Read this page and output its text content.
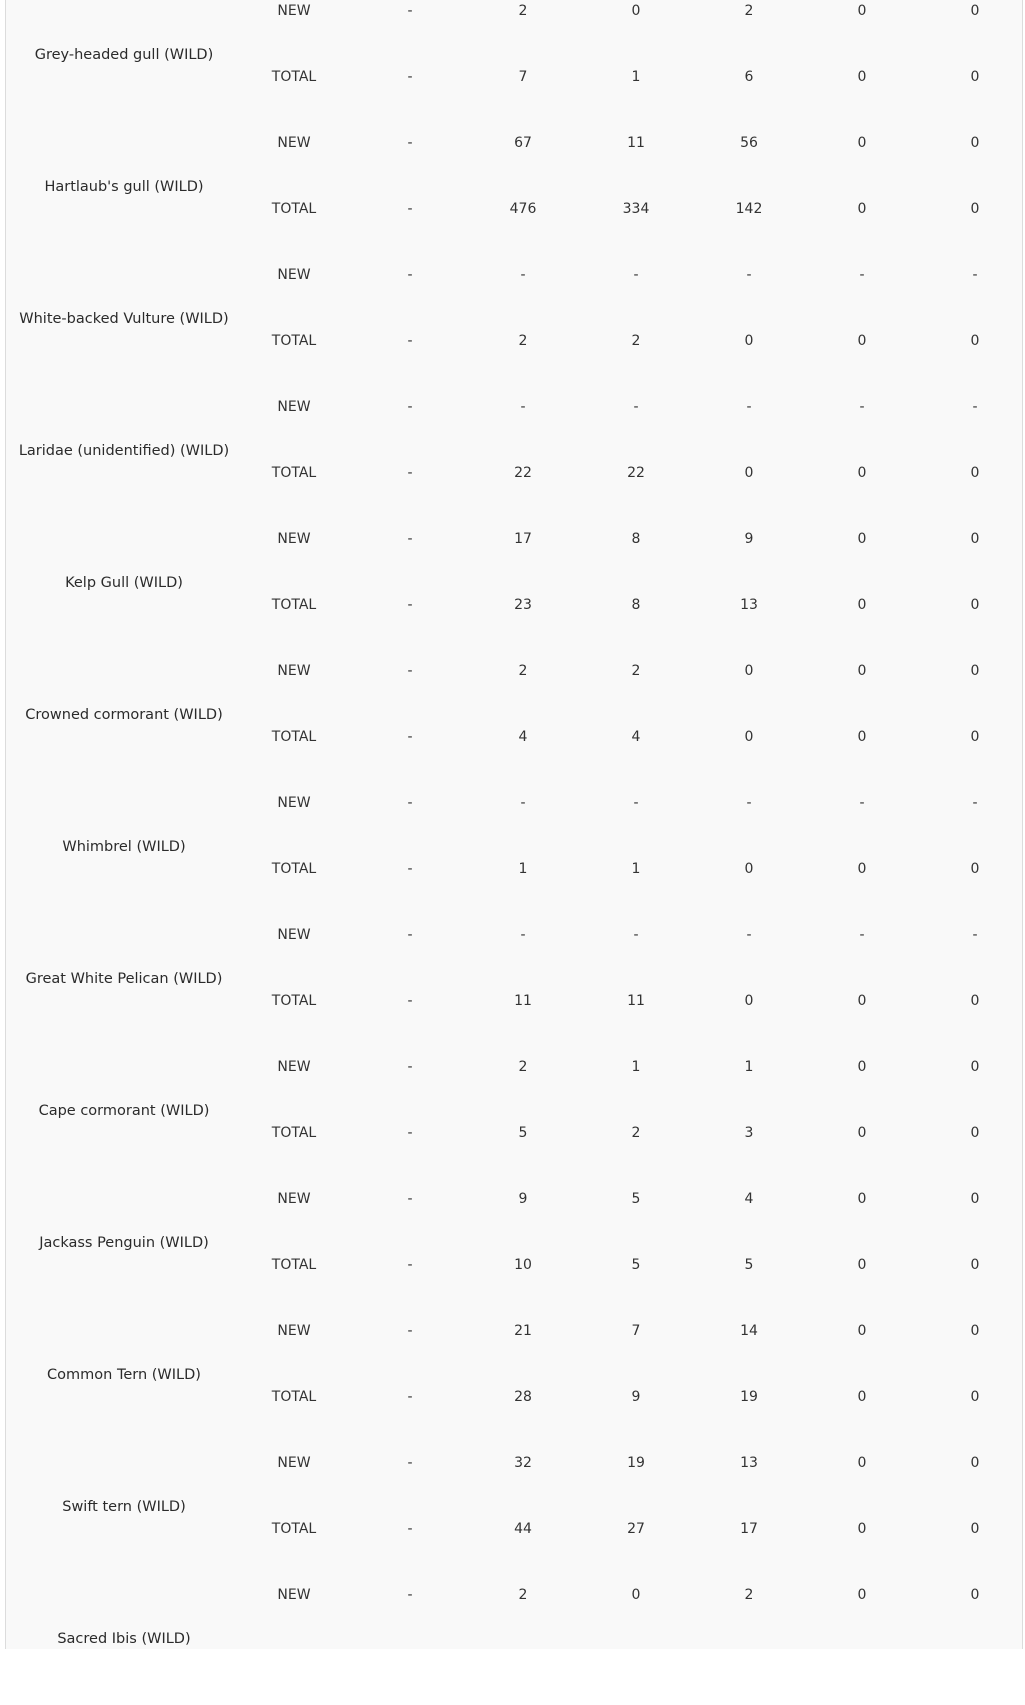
Grey-headed gull (WILD)
NEW	-	2	0	2	0	0
TOTAL	-	7	1	6	0	0
Hartlaub's gull (WILD)
NEW	-	67	11	56	0	0
TOTAL	-	476	334	142	0	0
White-backed Vulture (WILD)
NEW	-	-	-	-	-	-
TOTAL	-	2	2	0	0	0
Laridae (unidentified) (WILD)
NEW	-	-	-	-	-	-
TOTAL	-	22	22	0	0	0
Kelp Gull (WILD)
NEW	-	17	8	9	0	0
TOTAL	-	23	8	13	0	0
Crowned cormorant (WILD)
NEW	-	2	2	0	0	0
TOTAL	-	4	4	0	0	0
Whimbrel (WILD)
NEW	-	-	-	-	-	-
TOTAL	-	1	1	0	0	0
Great White Pelican (WILD)
NEW	-	-	-	-	-	-
TOTAL	-	11	11	0	0	0
Cape cormorant (WILD)
NEW	-	2	1	1	0	0
TOTAL	-	5	2	3	0	0
Jackass Penguin (WILD)
NEW	-	9	5	4	0	0
TOTAL	-	10	5	5	0	0
Common Tern (WILD)
NEW	-	21	7	14	0	0
TOTAL	-	28	9	19	0	0
Swift tern (WILD)
NEW	-	32	19	13	0	0
TOTAL	-	44	27	17	0	0
Sacred Ibis (WILD)
NEW	-	2	0	2	0	0
